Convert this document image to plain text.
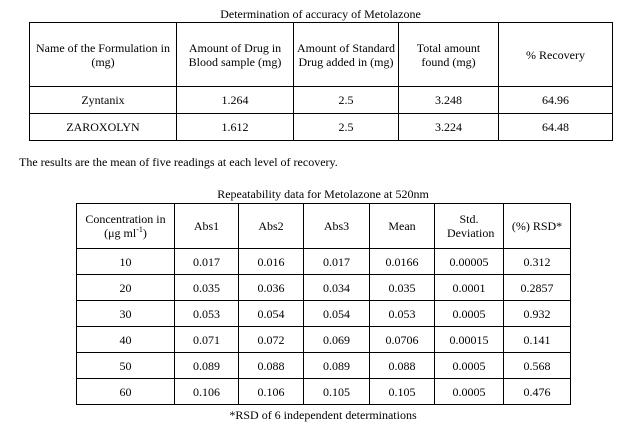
Determination of accuracy of Metolazone
Name of the Formulation in (mg)	Amount of Drug in Blood sample (mg)	Amount of Standard Drug added in (mg)	Total amount found (mg)	% Recovery
Zyntanix	1.264	2.5	3.248	64.96
ZAROXOLYN	1.612	2.5	3.224	64.48
The results are the mean of five readings at each level of recovery.
Repeatability data for Metolazone at 520nm
Concentration in
(μg $ml^{-1}$)	Abs1	Abs2	Abs3	Mean	Std. Deviation	(%) RSD*
10	0.017	0.016	0.017	0.0166	0.00005	0.312
20	0.035	0.036	0.034	0.035	0.0001	0.2857
30	0.053	0.054	0.054	0.053	0.0005	0.932
40	0.071	0.072	0.069	0.0706	0.00015	0.141
50	0.089	0.088	0.089	0.088	0.0005	0.568
60	0.106	0.106	0.105	0.105	0.0005	0.476
*RSD of 6 independent determinations
